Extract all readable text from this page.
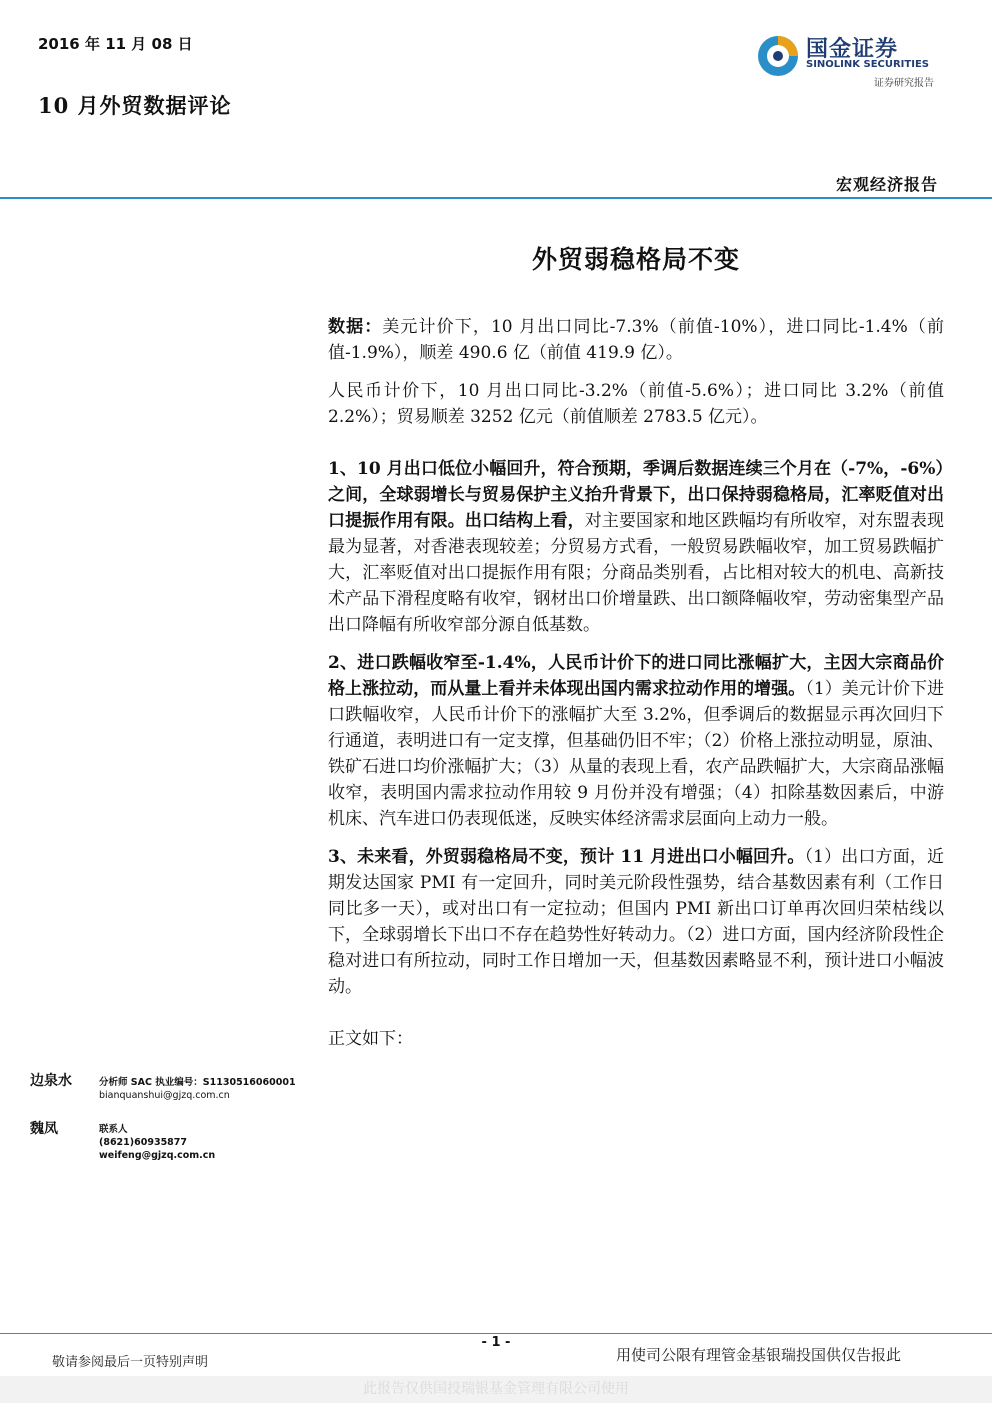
2016 年 11 月 08 日
10 月外贸数据评论
国金证券
SINOLINK SECURITIES
证券研究报告
宏观经济报告
外贸弱稳格局不变

数据：美元计价下，10 月出口同比-7.3%（前值-10%），进口同比-1.4%（前值-1.9%），顺差 490.6 亿（前值 419.9 亿）。

人民币计价下，10 月出口同比-3.2%（前值-5.6%）；进口同比 3.2%（前值 2.2%）；贸易顺差 3252 亿元（前值顺差 2783.5 亿元）。

1、10 月出口低位小幅回升，符合预期，季调后数据连续三个月在（-7%，-6%）之间，全球弱增长与贸易保护主义抬升背景下，出口保持弱稳格局，汇率贬值对出口提振作用有限。出口结构上看，对主要国家和地区跌幅均有所收窄，对东盟表现最为显著，对香港表现较差；分贸易方式看，一般贸易跌幅收窄，加工贸易跌幅扩大，汇率贬值对出口提振作用有限；分商品类别看，占比相对较大的机电、高新技术产品下滑程度略有收窄，钢材出口价增量跌、出口额降幅收窄，劳动密集型产品出口降幅有所收窄部分源自低基数。

2、进口跌幅收窄至-1.4%，人民币计价下的进口同比涨幅扩大，主因大宗商品价格上涨拉动，而从量上看并未体现出国内需求拉动作用的增强。（1）美元计价下进口跌幅收窄，人民币计价下的涨幅扩大至 3.2%，但季调后的数据显示再次回归下行通道，表明进口有一定支撑，但基础仍旧不牢；（2）价格上涨拉动明显，原油、铁矿石进口均价涨幅扩大；（3）从量的表现上看，农产品跌幅扩大，大宗商品涨幅收窄，表明国内需求拉动作用较 9 月份并没有增强；（4）扣除基数因素后，中游机床、汽车进口仍表现低迷，反映实体经济需求层面向上动力一般。

3、未来看，外贸弱稳格局不变，预计 11 月进出口小幅回升。（1）出口方面，近期发达国家 PMI 有一定回升，同时美元阶段性强势，结合基数因素有利（工作日同比多一天），或对出口有一定拉动；但国内 PMI 新出口订单再次回归荣枯线以下，全球弱增长下出口不存在趋势性好转动力。（2）进口方面，国内经济阶段性企稳对进口有所拉动，同时工作日增加一天，但基数因素略显不利，预计进口小幅波动。

正文如下：

边泉水	分析师 SAC 执业编号：S1130516060001
bianquanshui@gjzq.com.cn
魏凤	联系人
(8621)60935877
weifeng@gjzq.com.cn
- 1 -
敬请参阅最后一页特别声明	用使司公限有理管金基银瑞投国供仅告报此
此报告仅供国投瑞银基金管理有限公司使用
